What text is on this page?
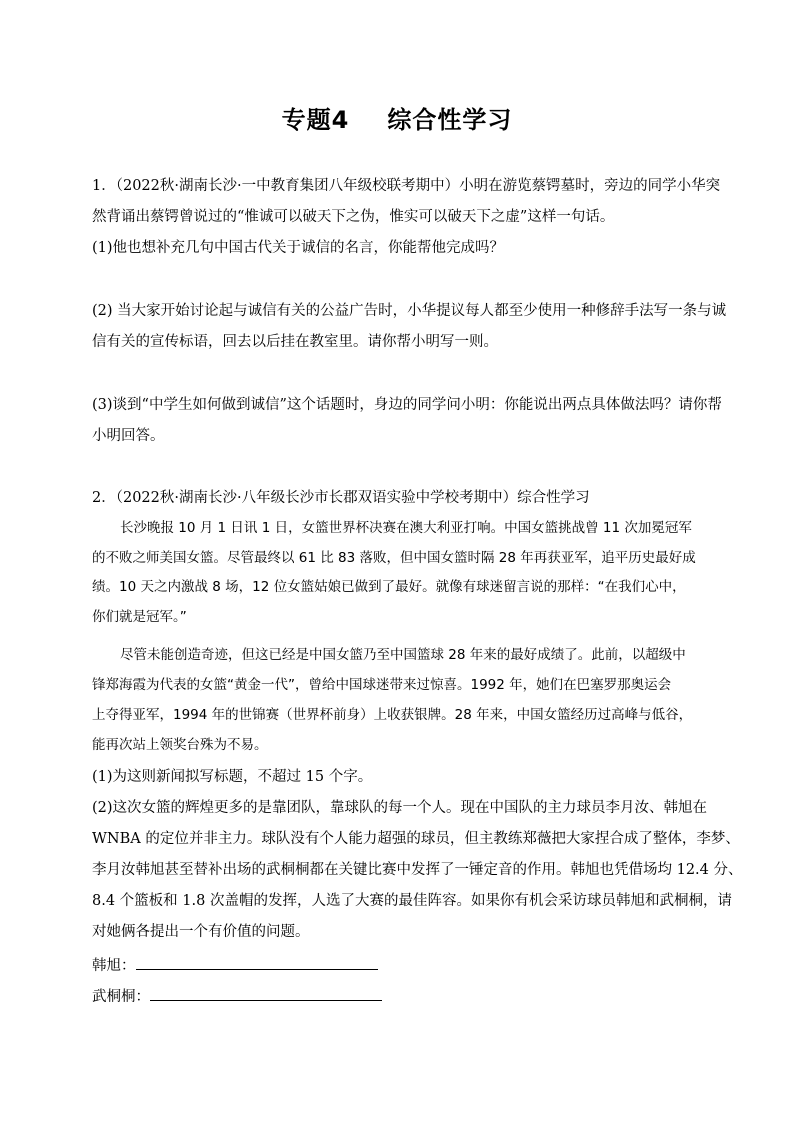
专题4 综合性学习
1．（2022秋·湖南长沙·一中教育集团八年级校联考期中）小明在游览蔡锷墓时，旁边的同学小华突
然背诵出蔡锷曾说过的“惟诚可以破天下之伪，惟实可以破天下之虚”这样一句话。
(1)他也想补充几句中国古代关于诚信的名言，你能帮他完成吗？
(2) 当大家开始讨论起与诚信有关的公益广告时，小华提议每人都至少使用一种修辞手法写一条与诚
信有关的宣传标语，回去以后挂在教室里。请你帮小明写一则。
(3)谈到“中学生如何做到诚信”这个话题时，身边的同学问小明：你能说出两点具体做法吗？请你帮
小明回答。
2．（2022秋·湖南长沙·八年级长沙市长郡双语实验中学校考期中）综合性学习
长沙晚报 10 月 1 日讯 1 日，女篮世界杯决赛在澳大利亚打响。中国女篮挑战曾 11 次加冕冠军
的不败之师美国女篮。尽管最终以 61 比 83 落败，但中国女篮时隔 28 年再获亚军，追平历史最好成
绩。10 天之内激战 8 场，12 位女篮姑娘已做到了最好。就像有球迷留言说的那样：“在我们心中，
你们就是冠军。”
尽管未能创造奇迹，但这已经是中国女篮乃至中国篮球 28 年来的最好成绩了。此前，以超级中
锋郑海霞为代表的女篮“黄金一代”，曾给中国球迷带来过惊喜。1992 年，她们在巴塞罗那奥运会
上夺得亚军，1994 年的世锦赛（世界杯前身）上收获银牌。28 年来，中国女篮经历过高峰与低谷，
能再次站上领奖台殊为不易。
(1)为这则新闻拟写标题，不超过 15 个字。
(2)这次女篮的辉煌更多的是靠团队，靠球队的每一个人。现在中国队的主力球员李月汝、韩旭在
WNBA 的定位并非主力。球队没有个人能力超强的球员，但主教练郑薇把大家捏合成了整体，李梦、
李月汝韩旭甚至替补出场的武桐桐都在关键比赛中发挥了一锤定音的作用。韩旭也凭借场均 12.4 分、
8.4 个篮板和 1.8 次盖帽的发挥，人选了大赛的最佳阵容。如果你有机会采访球员韩旭和武桐桐，请
对她俩各提出一个有价值的问题。
韩旭：
武桐桐：
